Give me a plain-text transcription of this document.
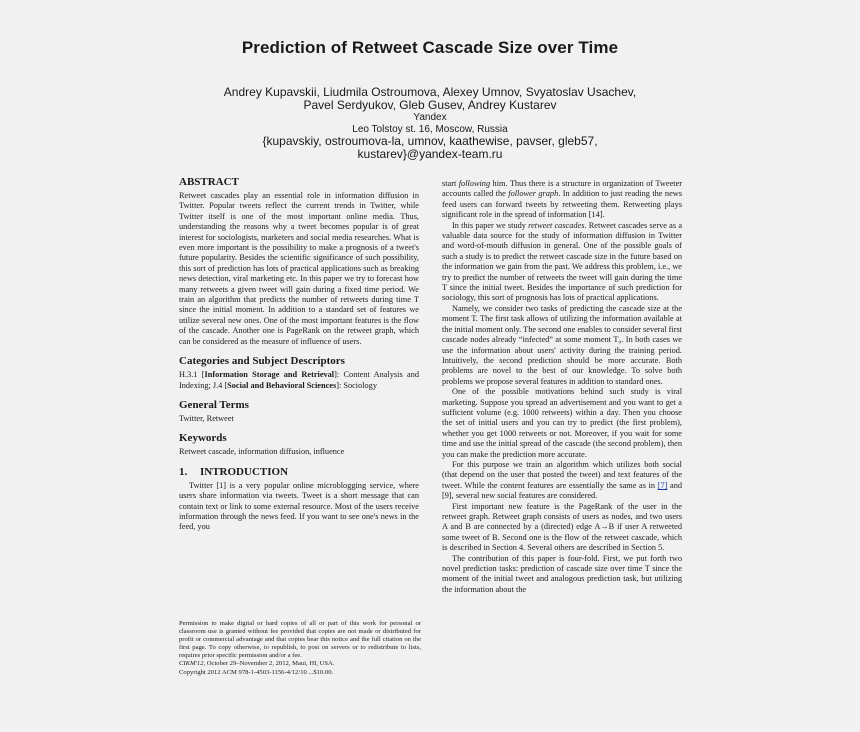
Prediction of Retweet Cascade Size over Time
Andrey Kupavskii, Liudmila Ostroumova, Alexey Umnov, Svyatoslav Usachev,
Pavel Serdyukov, Gleb Gusev, Andrey Kustarev
Yandex
Leo Tolstoy st. 16, Moscow, Russia
{kupavskiy, ostroumova-la, umnov, kaathewise, pavser, gleb57,
kustarev}@yandex-team.ru
ABSTRACT

Retweet cascades play an essential role in information diffusion in Twitter. Popular tweets reflect the current trends in Twitter, while Twitter itself is one of the most important online media. Thus, understanding the reasons why a tweet becomes popular is of great interest for sociologists, marketers and social media researches. What is even more important is the possibility to make a prognosis of a tweet's future popularity. Besides the scientific significance of such possibility, this sort of prediction has lots of practical applications such as breaking news detection, viral marketing etc. In this paper we try to forecast how many retweets a given tweet will gain during a fixed time period. We train an algorithm that predicts the number of retweets during time T since the initial moment. In addition to a standard set of features we utilize several new ones. One of the most important features is the flow of the cascade. Another one is PageRank on the retweet graph, which can be considered as the measure of influence of users.

Categories and Subject Descriptors

H.3.1 [Information Storage and Retrieval]: Content Analysis and Indexing; J.4 [Social and Behavioral Sciences]: Sociology

General Terms

Twitter, Retweet

Keywords

Retweet cascade, information diffusion, influence

1. INTRODUCTION

Twitter [1] is a very popular online microblogging service, where users share information via tweets. Tweet is a short message that can contain text or link to some external resource. Most of the users receive information through the news feed. If you want to see one's news in the feed, you

Permission to make digital or hard copies of all or part of this work for personal or classroom use is granted without fee provided that copies are not made or distributed for profit or commercial advantage and that copies bear this notice and the full citation on the first page. To copy otherwise, to republish, to post on servers or to redistribute to lists, requires prior specific permission and/or a fee.

CIKM'12, October 29–November 2, 2012, Maui, HI, USA.

Copyright 2012 ACM 978-1-4503-1156-4/12/10 ...$10.00.

start following him. Thus there is a structure in organization of Tweeter accounts called the follower graph. In addition to just reading the news feed users can forward tweets by retweeting them. Retweeting plays significant role in the spread of information [14].

In this paper we study retweet cascades. Retweet cascades serve as a valuable data source for the study of information diffusion in Twitter and word-of-mouth diffusion in general. One of the possible goals of such a study is to predict the retweet cascade size in the future based on the information we gain from the past. We address this problem, i.e., we try to predict the number of retweets the tweet will gain during the time T since the initial tweet. Besides the importance of such prediction for sociology, this sort of prognosis has lots of practical applications.

Namely, we consider two tasks of predicting the cascade size at the moment T. The first task allows of utilizing the information available at the initial moment only. The second one enables to consider several first cascade nodes already “infected” at some moment T₀. In both cases we use the information about users' activity during the training period. Intuitively, the second prediction should be more accurate. Both problems are novel to the best of our knowledge. To solve both problems we propose several features in addition to standard ones.

One of the possible motivations behind such study is viral marketing. Suppose you spread an advertisement and you want to get a sufficient volume (e.g. 1000 retweets) within a day. Then you choose the set of initial users and you can try to predict (the first problem), whether you get 1000 retweets or not. Moreover, if you wait for some time and use the initial spread of the cascade (the second problem), then you can make the prediction more accurate.

For this purpose we train an algorithm which utilizes both social (that depend on the user that posted the tweet) and text features of the tweet. While the content features are essentially the same as in [7] and [9], several new social features are considered.

First important new feature is the PageRank of the user in the retweet graph. Retweet graph consists of users as nodes, and two users A and B are connected by a (directed) edge A→B if user A retweeted some tweet of B. Second one is the flow of the retweet cascade, which is described in Section 4. Several others are described in Section 5.

The contribution of this paper is four-fold. First, we put forth two novel prediction tasks: prediction of cascade size over time T since the moment of the initial tweet and analogous prediction task, but utilizing the information about the
